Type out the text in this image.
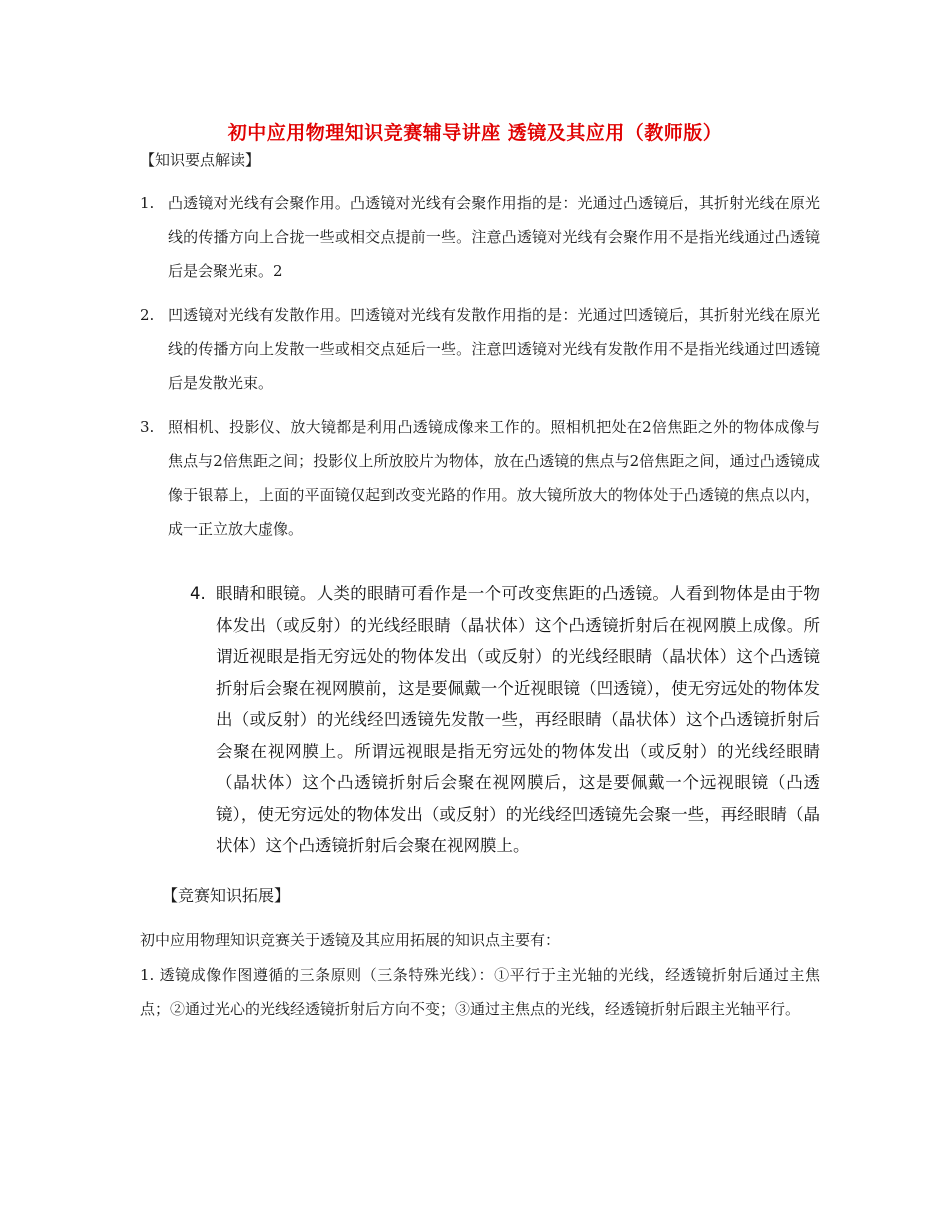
初中应用物理知识竞赛辅导讲座 透镜及其应用（教师版）
【知识要点解读】
1. 凸透镜对光线有会聚作用。凸透镜对光线有会聚作用指的是：光通过凸透镜后，其折射光线在原光线的传播方向上合拢一些或相交点提前一些。注意凸透镜对光线有会聚作用不是指光线通过凸透镜后是会聚光束。2
2. 凹透镜对光线有发散作用。凹透镜对光线有发散作用指的是：光通过凹透镜后，其折射光线在原光线的传播方向上发散一些或相交点延后一些。注意凹透镜对光线有发散作用不是指光线通过凹透镜后是发散光束。
3. 照相机、投影仪、放大镜都是利用凸透镜成像来工作的。照相机把处在2倍焦距之外的物体成像与焦点与2倍焦距之间；投影仪上所放胶片为物体，放在凸透镜的焦点与2倍焦距之间，通过凸透镜成像于银幕上，上面的平面镜仅起到改变光路的作用。放大镜所放大的物体处于凸透镜的焦点以内，成一正立放大虚像。
4. 眼睛和眼镜。人类的眼睛可看作是一个可改变焦距的凸透镜。人看到物体是由于物体发出（或反射）的光线经眼睛（晶状体）这个凸透镜折射后在视网膜上成像。所谓近视眼是指无穷远处的物体发出（或反射）的光线经眼睛（晶状体）这个凸透镜折射后会聚在视网膜前，这是要佩戴一个近视眼镜（凹透镜），使无穷远处的物体发出（或反射）的光线经凹透镜先发散一些，再经眼睛（晶状体）这个凸透镜折射后会聚在视网膜上。所谓远视眼是指无穷远处的物体发出（或反射）的光线经眼睛（晶状体）这个凸透镜折射后会聚在视网膜后，这是要佩戴一个远视眼镜（凸透镜），使无穷远处的物体发出（或反射）的光线经凹透镜先会聚一些，再经眼睛（晶状体）这个凸透镜折射后会聚在视网膜上。
【竞赛知识拓展】
初中应用物理知识竞赛关于透镜及其应用拓展的知识点主要有：
1. 透镜成像作图遵循的三条原则（三条特殊光线）：①平行于主光轴的光线，经透镜折射后通过主焦点；②通过光心的光线经透镜折射后方向不变；③通过主焦点的光线，经透镜折射后跟主光轴平行。
